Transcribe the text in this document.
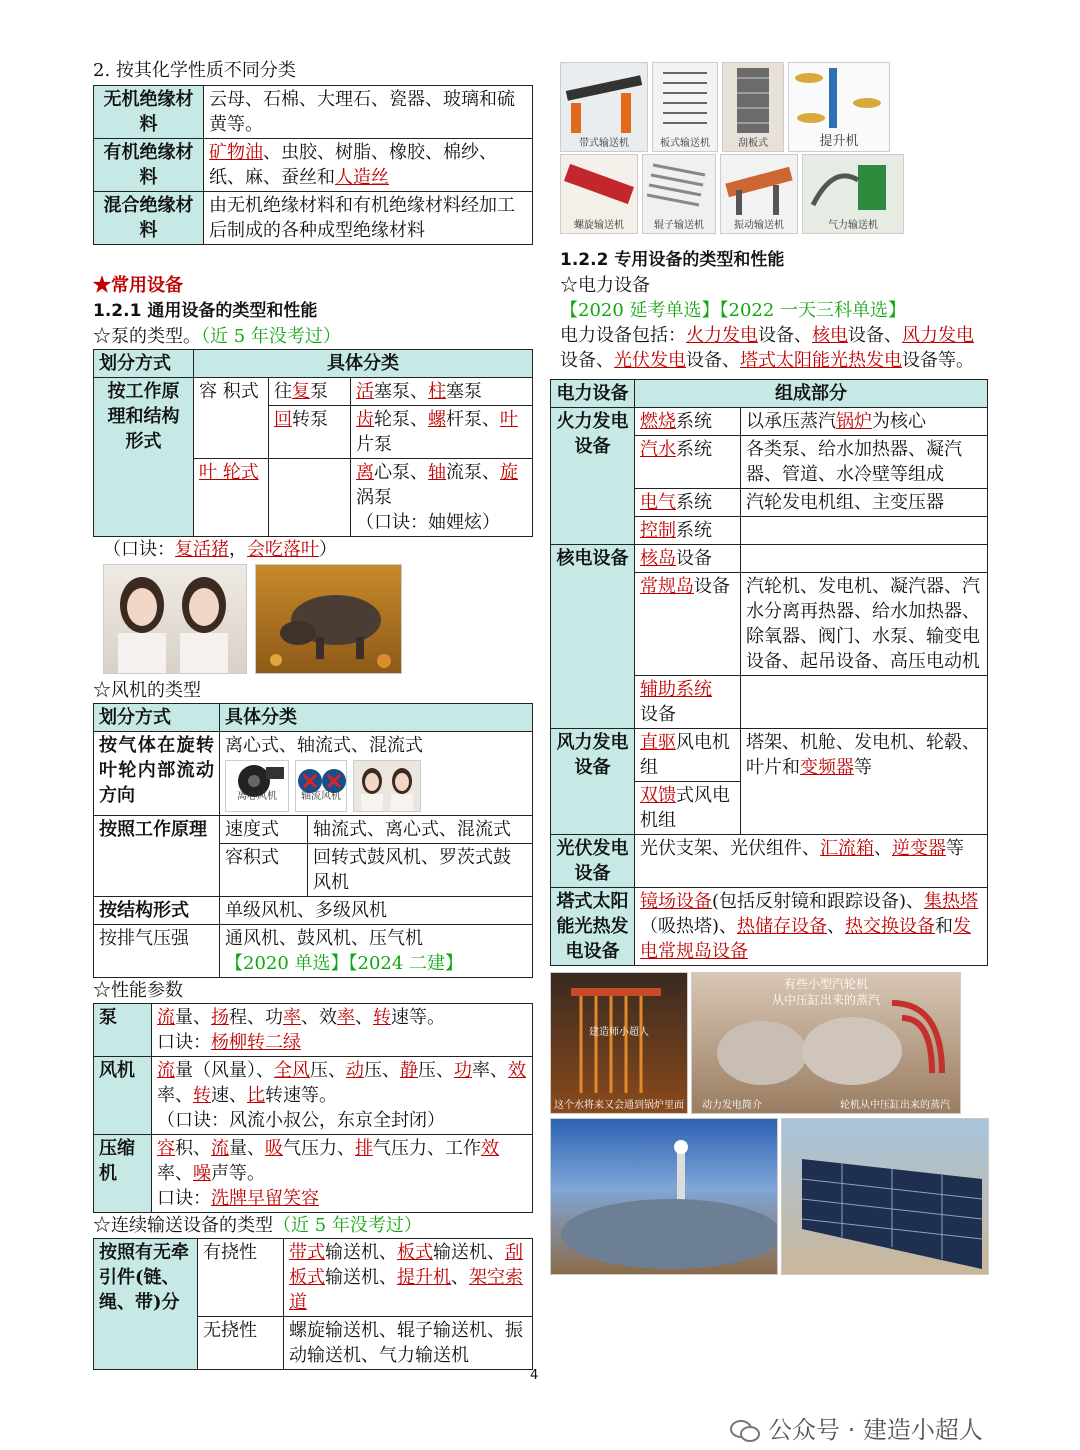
2. 按其化学性质不同分类

无机绝缘材料	云母、石棉、大理石、瓷器、玻璃和硫黄等。
有机绝缘材料	矿物油、虫胶、树脂、橡胶、棉纱、纸、麻、蚕丝和人造丝
混合绝缘材料	由无机绝缘材料和有机绝缘材料经加工后制成的各种成型绝缘材料

★常用设备

1.2.1 通用设备的类型和性能

☆泵的类型。（近 5 年没考过）

划分方式	具体分类		
按工作原理和结构形式	容 积式	往复泵	活塞泵、柱塞泵
		回转泵	齿轮泵、螺杆泵、叶片泵
	叶 轮式		离心泵、轴流泵、旋涡泵
（口诀：妯娌炫）

（口诀：复活猪，会吃落叶）

☆风机的类型

划分方式	具体分类	
按气体在旋转叶轮内部流动方向	离心式、轴流式、混流式
离心风机 轴流风机	

按照工作原理	速度式	轴流式、离心式、混流式
	容积式	回转式鼓风机、罗茨式鼓风机
按结构形式	单级风机、多级风机	
按排气压强	通风机、鼓风机、压气机
【2020 单选】【2024 二建】	

☆性能参数

泵	流量、扬程、功率、效率、转速等。
口诀：杨柳转二绿

风机	流量（风量）、全风压、动压、静压、功率、效率、转速、比转速等。
（口诀：风流小叔公，东京全封闭）

压缩机	容积、流量、吸气压力、排气压力、工作效率、噪声等。
口诀：洗牌早留笑容

☆连续输送设备的类型（近 5 年没考过）

按照有无牵引件(链、绳、带)分	有挠性	带式输送机、板式输送机、刮板式输送机、提升机、架空索道
	无挠性	螺旋输送机、辊子输送机、振动输送机、气力输送机
带式输送机	板式输送机	刮板式	提升机
螺旋输送机	辊子输送机	振动输送机	气力输送机

1.2.2 专用设备的类型和性能

☆电力设备【2020 延考单选】【2022 一天三科单选】

电力设备包括：火力发电设备、核电设备、风力发电设备、光伏发电设备、塔式太阳能光热发电设备等。

电力设备	组成部分	
火力发电设备	燃烧系统	以承压蒸汽锅炉为核心
	汽水系统	各类泵、给水加热器、凝汽器、管道、水冷壁等组成
	电气系统	汽轮发电机组、主变压器
	控制系统	
核电设备	核岛设备	
	常规岛设备	汽轮机、发电机、凝汽器、汽水分离再热器、给水加热器、除氧器、阀门、水泵、输变电设备、起吊设备、高压电动机
	辅助系统
设备	
风力发电设备	直驱风电机组	塔架、机舱、发电机、轮毂、叶片和变频器等
	双馈式风电机组	
光伏发电设备	光伏支架、光伏组件、汇流箱、逆变器等	
塔式太阳能光热发电设备	镜场设备(包括反射镜和跟踪设备)、集热塔（吸热塔)、热储存设备、热交换设备和发电常规岛设备	
建造师小超人
这个水将来又会通到锅炉里面
有些小型汽轮机
从中压缸出来的蒸汽
动力发电简介	轮机从中压缸出来的蒸汽
4
公众号 · 建造小超人
